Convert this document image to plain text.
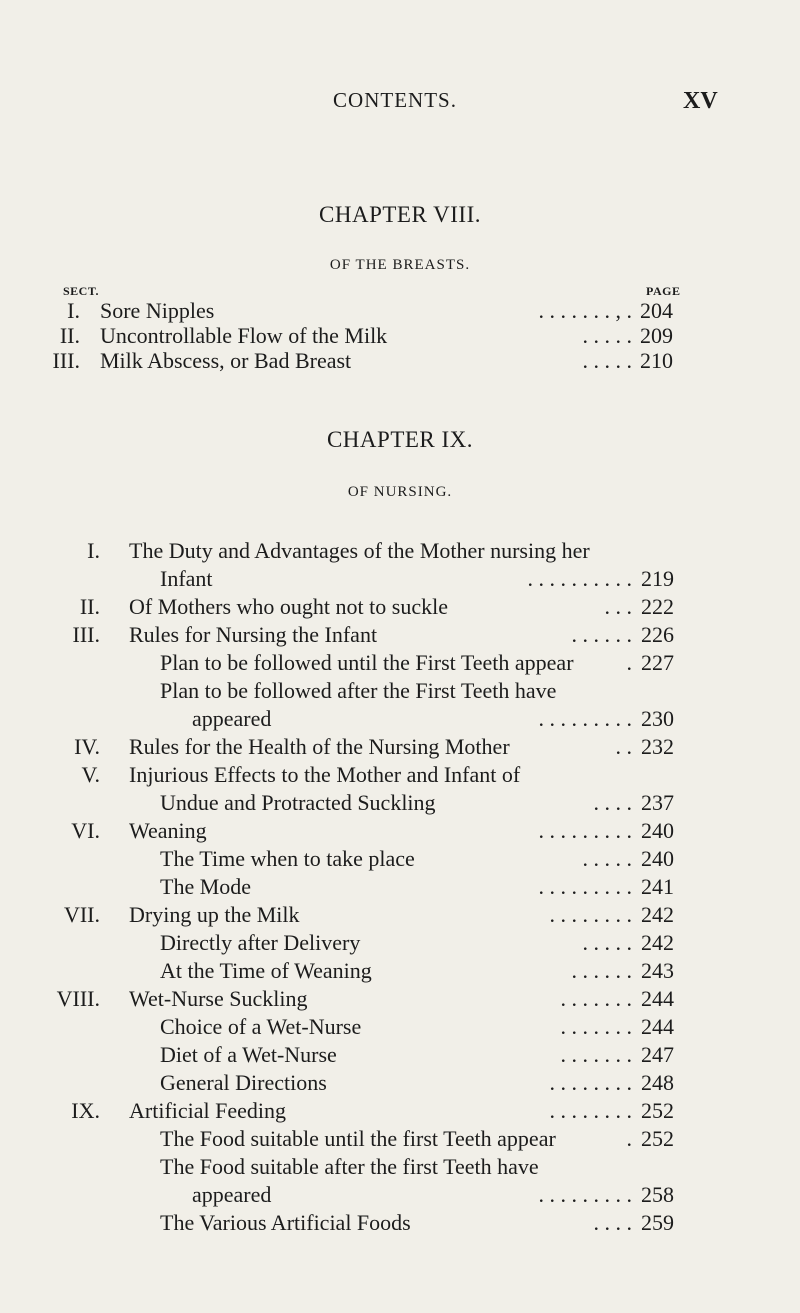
CONTENTS.	XV
CHAPTER VIII.
OF THE BREASTS.
SECT.	PAGE
I. Sore Nipples	. . . . . . . , . 204
II. Uncontrollable Flow of the Milk	. . . . . 209
III. Milk Abscess, or Bad Breast	. . . . . 210
CHAPTER IX.
OF NURSING.
I. The Duty and Advantages of the Mother nursing her
Infant	. . . . . . . . . . 219
II. Of Mothers who ought not to suckle	. . . 222
III. Rules for Nursing the Infant	. . . . . . 226
Plan to be followed until the First Teeth appear . 227
Plan to be followed after the First Teeth have
appeared	. . . . . . . . . 230
IV. Rules for the Health of the Nursing Mother	. . 232
V. Injurious Effects to the Mother and Infant of
Undue and Protracted Suckling	. . . . 237
VI. Weaning	. . . . . . . . . 240
The Time when to take place	. . . . . 240
The Mode	. . . . . . . . . 241
VII. Drying up the Milk	. . . . . . . . 242
Directly after Delivery	. . . . . 242
At the Time of Weaning	. . . . . . 243
VIII. Wet-Nurse Suckling	. . . . . . . 244
Choice of a Wet-Nurse	. . . . . . . 244
Diet of a Wet-Nurse	. . . . . . . 247
General Directions	. . . . . . . . 248
IX. Artificial Feeding	. . . . . . . . 252
The Food suitable until the first Teeth appear	. 252
The Food suitable after the first Teeth have
appeared	. . . . . . . . . 258
The Various Artificial Foods	. . . . 259
